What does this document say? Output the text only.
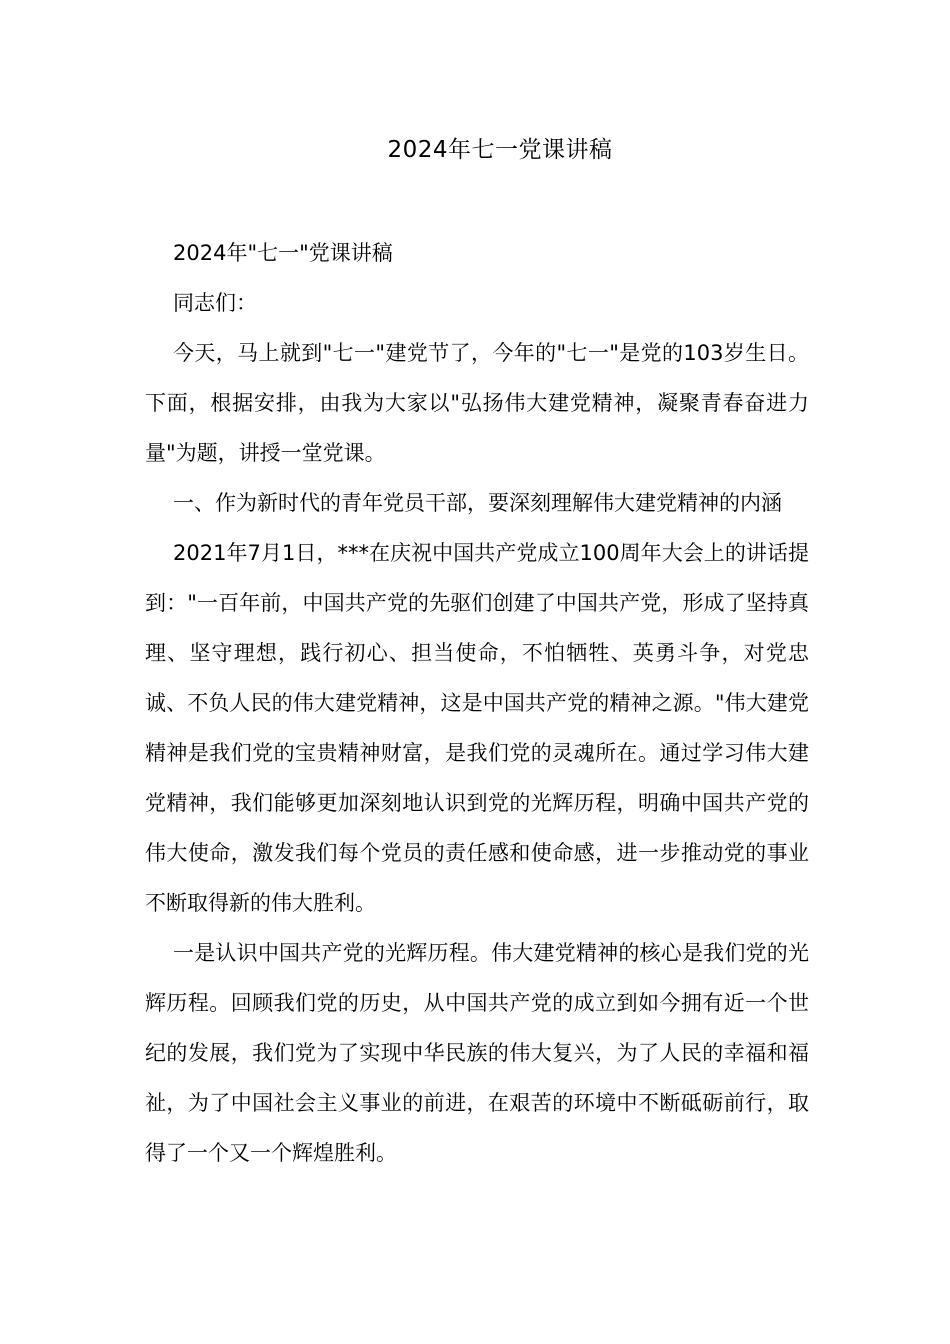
2024年七一党课讲稿

2024年"七一"党课讲稿

同志们：

今天，马上就到"七一"建党节了，今年的"七一"是党的103岁生日。下面，根据安排，由我为大家以"弘扬伟大建党精神，凝聚青春奋进力量"为题，讲授一堂党课。

一、作为新时代的青年党员干部，要深刻理解伟大建党精神的内涵

2021年7月1日，***在庆祝中国共产党成立100周年大会上的讲话提到："一百年前，中国共产党的先驱们创建了中国共产党，形成了坚持真理、坚守理想，践行初心、担当使命，不怕牺牲、英勇斗争，对党忠诚、不负人民的伟大建党精神，这是中国共产党的精神之源。"伟大建党精神是我们党的宝贵精神财富，是我们党的灵魂所在。通过学习伟大建党精神，我们能够更加深刻地认识到党的光辉历程，明确中国共产党的伟大使命，激发我们每个党员的责任感和使命感，进一步推动党的事业不断取得新的伟大胜利。

一是认识中国共产党的光辉历程。伟大建党精神的核心是我们党的光辉历程。回顾我们党的历史，从中国共产党的成立到如今拥有近一个世纪的发展，我们党为了实现中华民族的伟大复兴，为了人民的幸福和福祉，为了中国社会主义事业的前进，在艰苦的环境中不断砥砺前行，取得了一个又一个辉煌胜利。
